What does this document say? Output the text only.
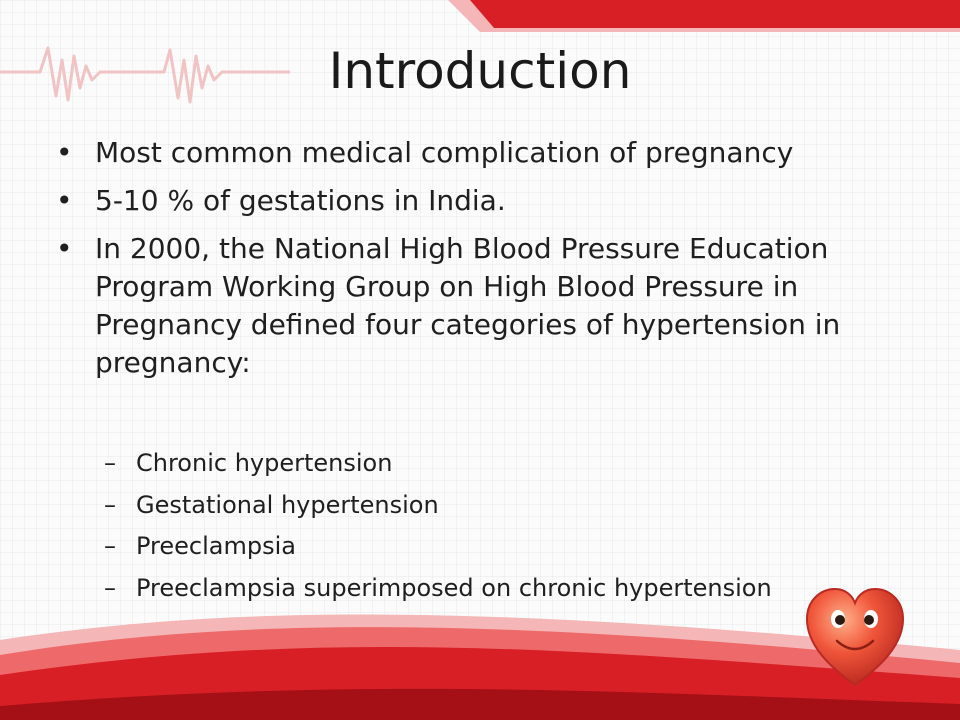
Introduction
• Most common medical complication of pregnancy
• 5-10 % of gestations in India.
• In 2000, the National High Blood Pressure Education Program Working Group on High Blood Pressure in Pregnancy defined four categories of hypertension in pregnancy:
– Chronic hypertension
– Gestational hypertension
– Preeclampsia
– Preeclampsia superimposed on chronic hypertension
